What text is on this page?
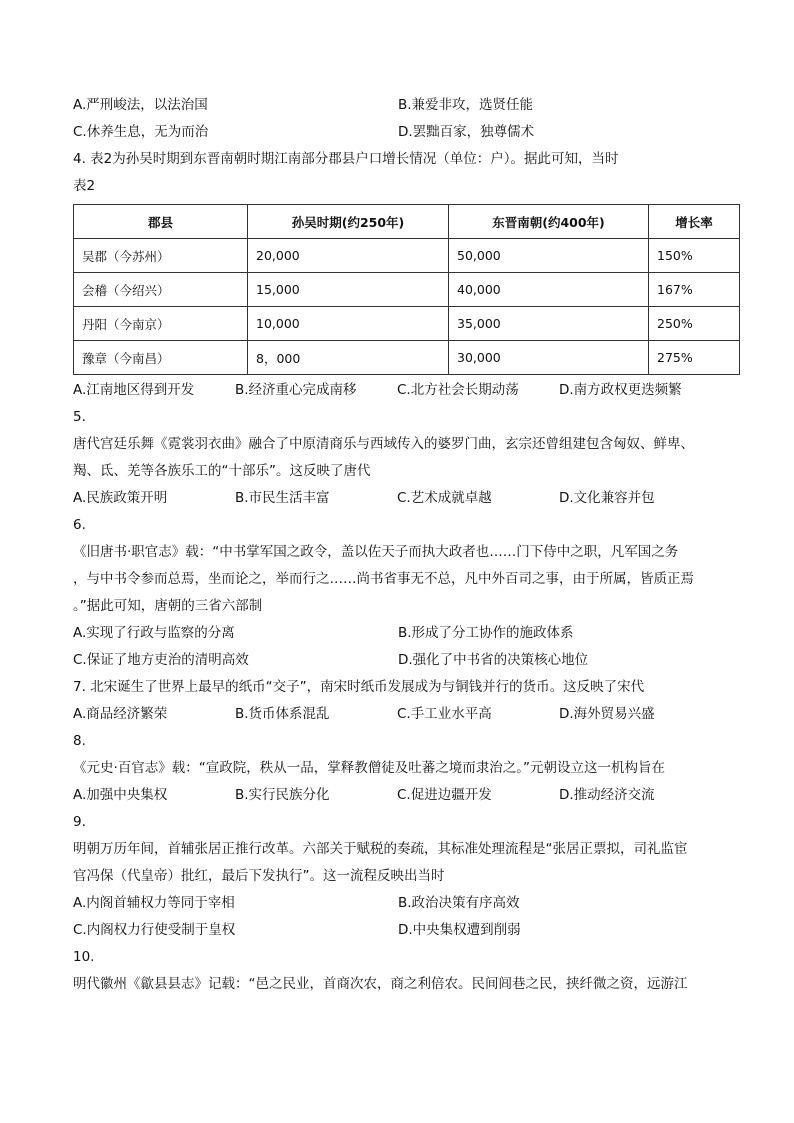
A.严刑峻法，以法治国	B.兼爱非攻，选贤任能
C.休养生息，无为而治	D.罢黜百家，独尊儒术
4. 表2为孙吴时期到东晋南朝时期江南部分郡县户口增长情况（单位：户）。据此可知，当时
表2
郡县	孙吴时期(约250年)	东晋南朝(约400年)	增长率
吴郡（今苏州）	20,000	50,000	150%
会稽（今绍兴）	15,000	40,000	167%
丹阳（今南京）	10,000	35,000	250%
豫章（今南昌）	8，000	30,000	275%
A.江南地区得到开发	B.经济重心完成南移	C.北方社会长期动荡	D.南方政权更迭频繁
5.
唐代宫廷乐舞《霓裳羽衣曲》融合了中原清商乐与西域传入的婆罗门曲，玄宗还曾组建包含匈奴、鲜卑、
羯、氐、羌等各族乐工的“十部乐”。这反映了唐代
A.民族政策开明	B.市民生活丰富	C.艺术成就卓越	D.文化兼容并包
6.
《旧唐书·职官志》载：“中书掌军国之政令，盖以佐天子而执大政者也……门下侍中之职，凡军国之务
，与中书令参而总焉，坐而论之，举而行之……尚书省事无不总，凡中外百司之事，由于所属，皆质正焉
。”据此可知，唐朝的三省六部制
A.实现了行政与监察的分离	B.形成了分工协作的施政体系
C.保证了地方吏治的清明高效	D.强化了中书省的决策核心地位
7. 北宋诞生了世界上最早的纸币“交子”，南宋时纸币发展成为与铜钱并行的货币。这反映了宋代
A.商品经济繁荣	B.货币体系混乱	C.手工业水平高	D.海外贸易兴盛
8.
《元史·百官志》载：“宣政院，秩从一品，掌释教僧徒及吐蕃之境而隶治之。”元朝设立这一机构旨在
A.加强中央集权	B.实行民族分化	C.促进边疆开发	D.推动经济交流
9.
明朝万历年间，首辅张居正推行改革。六部关于赋税的奏疏，其标准处理流程是“张居正票拟，司礼监宦
官冯保（代皇帝）批红，最后下发执行”。这一流程反映出当时
A.内阁首辅权力等同于宰相	B.政治决策有序高效
C.内阁权力行使受制于皇权	D.中央集权遭到削弱
10.
明代徽州《歙县县志》记载：“邑之民业，首商次农，商之利倍农。民间闾巷之民，挟纤微之资，远游江
